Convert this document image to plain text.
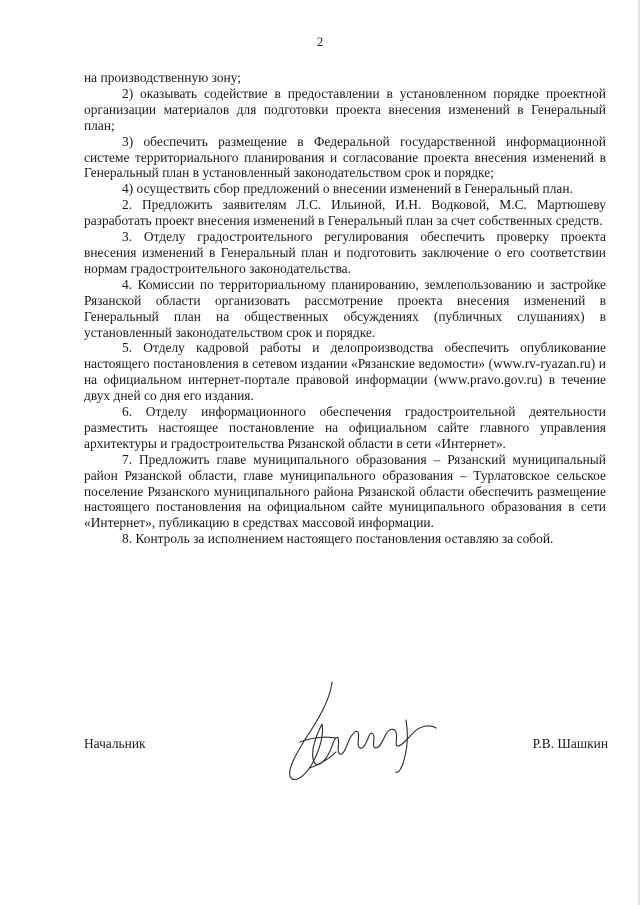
2

на производственную зону;

2) оказывать содействие в предоставлении в установленном порядке проектной организации материалов для подготовки проекта внесения изменений в Генеральный план;

3) обеспечить размещение в Федеральной государственной информационной системе территориального планирования и согласование проекта внесения изменений в Генеральный план в установленный законодательством срок и порядке;

4) осуществить сбор предложений о внесении изменений в Генеральный план.

2. Предложить заявителям Л.С. Ильиной, И.Н. Водковой, М.С. Мартюшеву разработать проект внесения изменений в Генеральный план за счет собственных средств.

3. Отделу градостроительного регулирования обеспечить проверку проекта внесения изменений в Генеральный план и подготовить заключение о его соответствии нормам градостроительного законодательства.

4. Комиссии по территориальному планированию, землепользованию и застройке Рязанской области организовать рассмотрение проекта внесения изменений в Генеральный план на общественных обсуждениях (публичных слушаниях) в установленный законодательством срок и порядке.

5. Отделу кадровой работы и делопроизводства обеспечить опубликование настоящего постановления в сетевом издании «Рязанские ведомости» (www.rv-ryazan.ru) и на официальном интернет-портале правовой информации (www.pravo.gov.ru) в течение двух дней со дня его издания.

6. Отделу информационного обеспечения градостроительной деятельности разместить настоящее постановление на официальном сайте главного управления архитектуры и градостроительства Рязанской области в сети «Интернет».

7. Предложить главе муниципального образования – Рязанский муниципальный район Рязанской области, главе муниципального образования – Турлатовское сельское поселение Рязанского муниципального района Рязанской области обеспечить размещение настоящего постановления на официальном сайте муниципального образования в сети «Интернет», публикацию в средствах массовой информации.

8. Контроль за исполнением настоящего постановления оставляю за собой.

Начальник	Р.В. Шашкин
